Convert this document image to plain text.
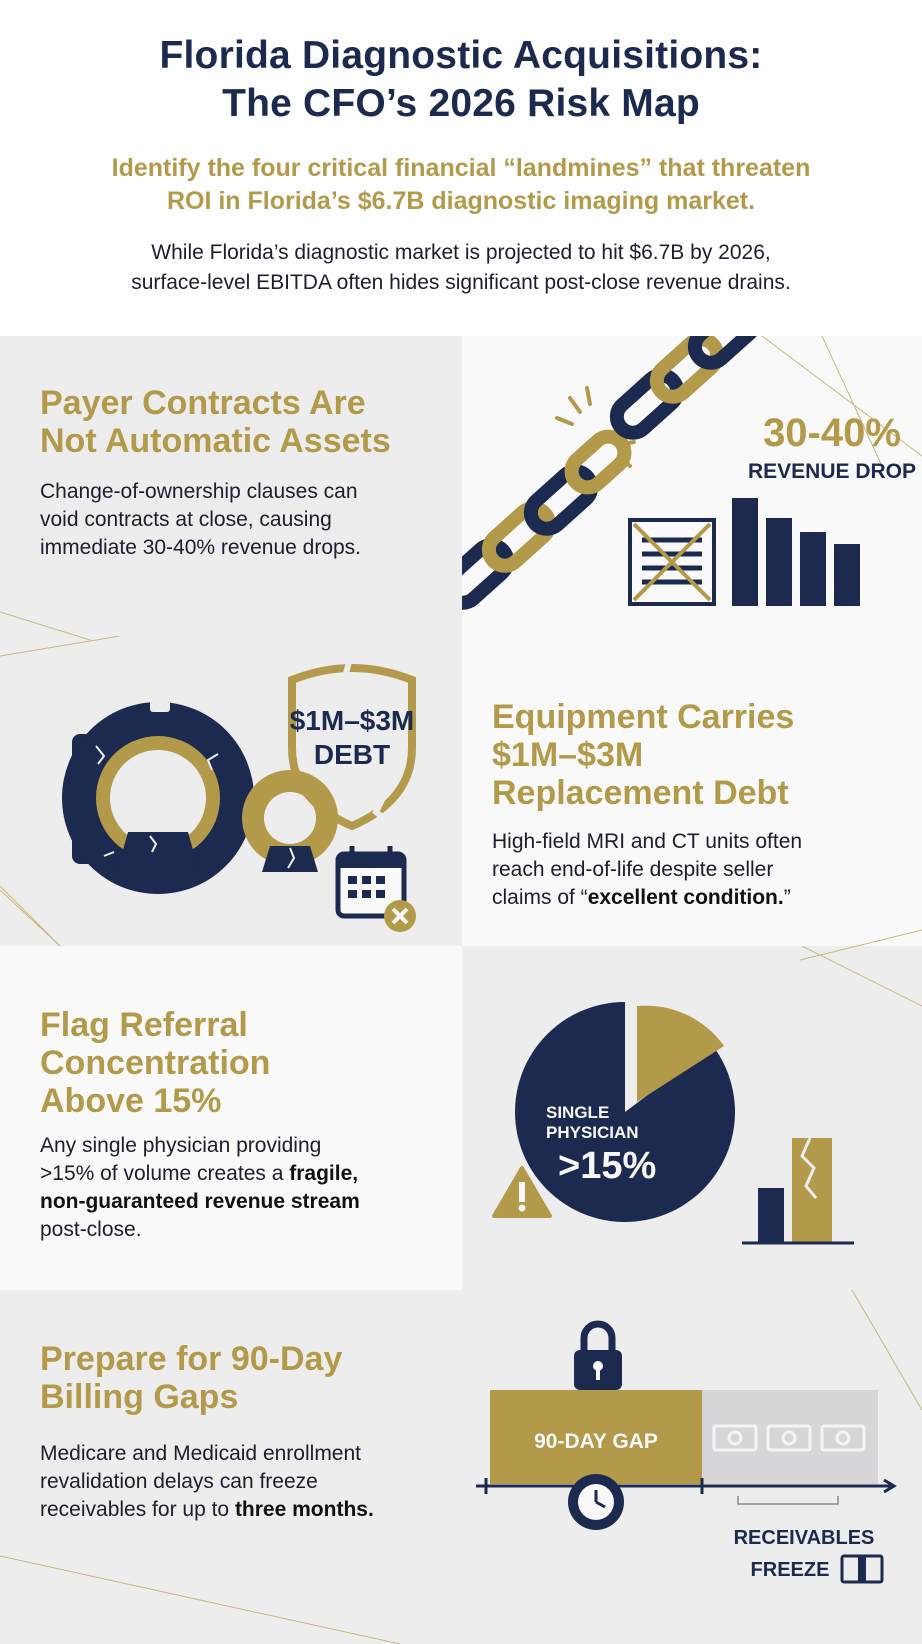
Florida Diagnostic Acquisitions:
The CFO’s 2026 Risk Map
Identify the four critical financial “landmines” that threaten
ROI in Florida’s $6.7B diagnostic imaging market.
While Florida’s diagnostic market is projected to hit $6.7B by 2026,
surface-level EBITDA often hides significant post-close revenue drains.
Payer Contracts Are
Not Automatic Assets
Change-of-ownership clauses can
void contracts at close, causing
immediate 30-40% revenue drops.
30-40%
REVENUE DROP
$1M–$3M
DEBT
Equipment Carries
$1M–$3M
Replacement Debt
High-field MRI and CT units often
reach end-of-life despite seller
claims of “excellent condition.”
Flag Referral
Concentration
Above 15%
Any single physician providing
>15% of volume creates a fragile,
non-guaranteed revenue stream
post-close.
SINGLE
PHYSICIAN
>15%
Prepare for 90-Day
Billing Gaps
Medicare and Medicaid enrollment
revalidation delays can freeze
receivables for up to three months.
90-DAY GAP
RECEIVABLES
FREEZE
